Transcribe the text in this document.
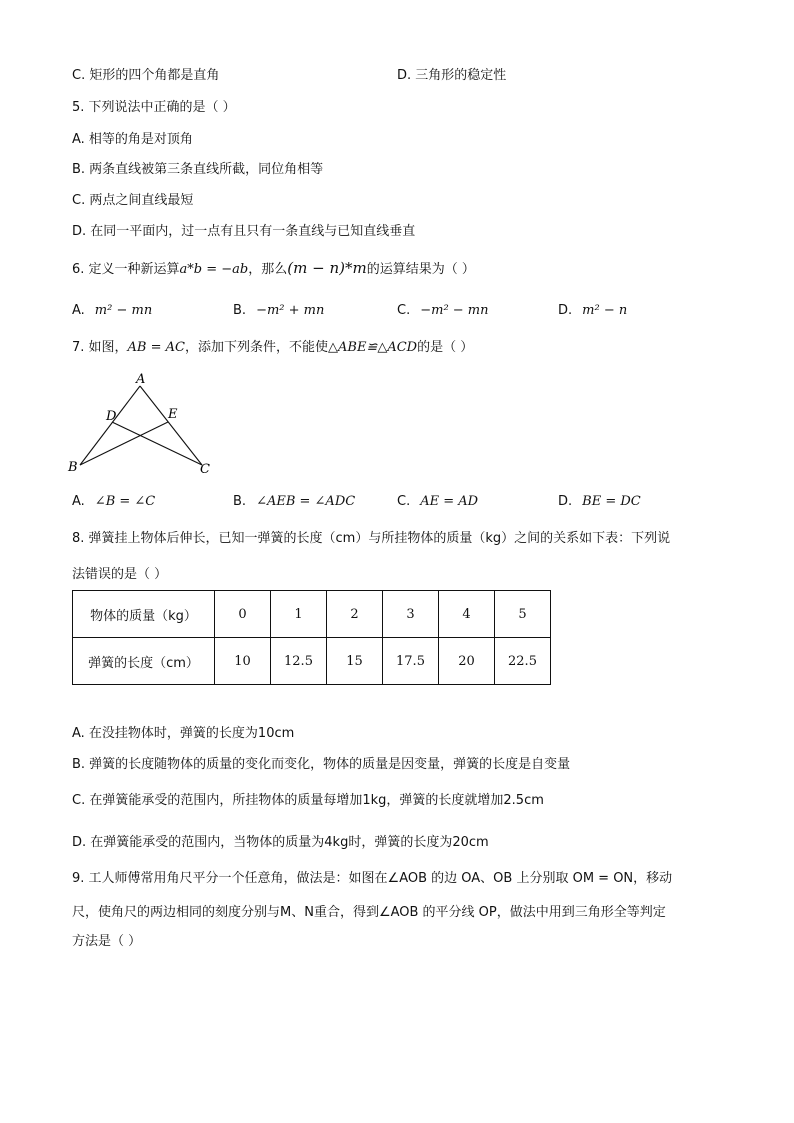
C. 矩形的四个角都是直角	D. 三角形的稳定性
5. 下列说法中正确的是（ ）
A. 相等的角是对顶角
B. 两条直线被第三条直线所截，同位角相等
C. 两点之间直线最短
D. 在同一平面内，过一点有且只有一条直线与已知直线垂直
6. 定义一种新运算a*b = −ab，那么(m − n)*m的运算结果为（ ）
A. m² − mn	B. −m² + mn	C. −m² − mn	D. m² − n
7. 如图，AB = AC，添加下列条件，不能使△ABE≌△ACD的是（ ）
A
B	C
D	E
A. ∠B = ∠C	B. ∠AEB = ∠ADC	C. AE = AD	D. BE = DC
8. 弹簧挂上物体后伸长，已知一弹簧的长度（cm）与所挂物体的质量（kg）之间的关系如下表：下列说
法错误的是（ ）
物体的质量（kg）	0	1	2	3	4	5
弹簧的长度（cm）	10	12.5	15	17.5	20	22.5
A. 在没挂物体时，弹簧的长度为10cm
B. 弹簧的长度随物体的质量的变化而变化，物体的质量是因变量，弹簧的长度是自变量
C. 在弹簧能承受的范围内，所挂物体的质量每增加1kg，弹簧的长度就增加2.5cm
D. 在弹簧能承受的范围内，当物体的质量为4kg时，弹簧的长度为20cm
9. 工人师傅常用角尺平分一个任意角，做法是：如图在∠AOB 的边 OA、OB 上分别取 OM = ON，移动
尺，使角尺的两边相同的刻度分别与M、N重合，得到∠AOB 的平分线 OP，做法中用到三角形全等判定
方法是（ ）
